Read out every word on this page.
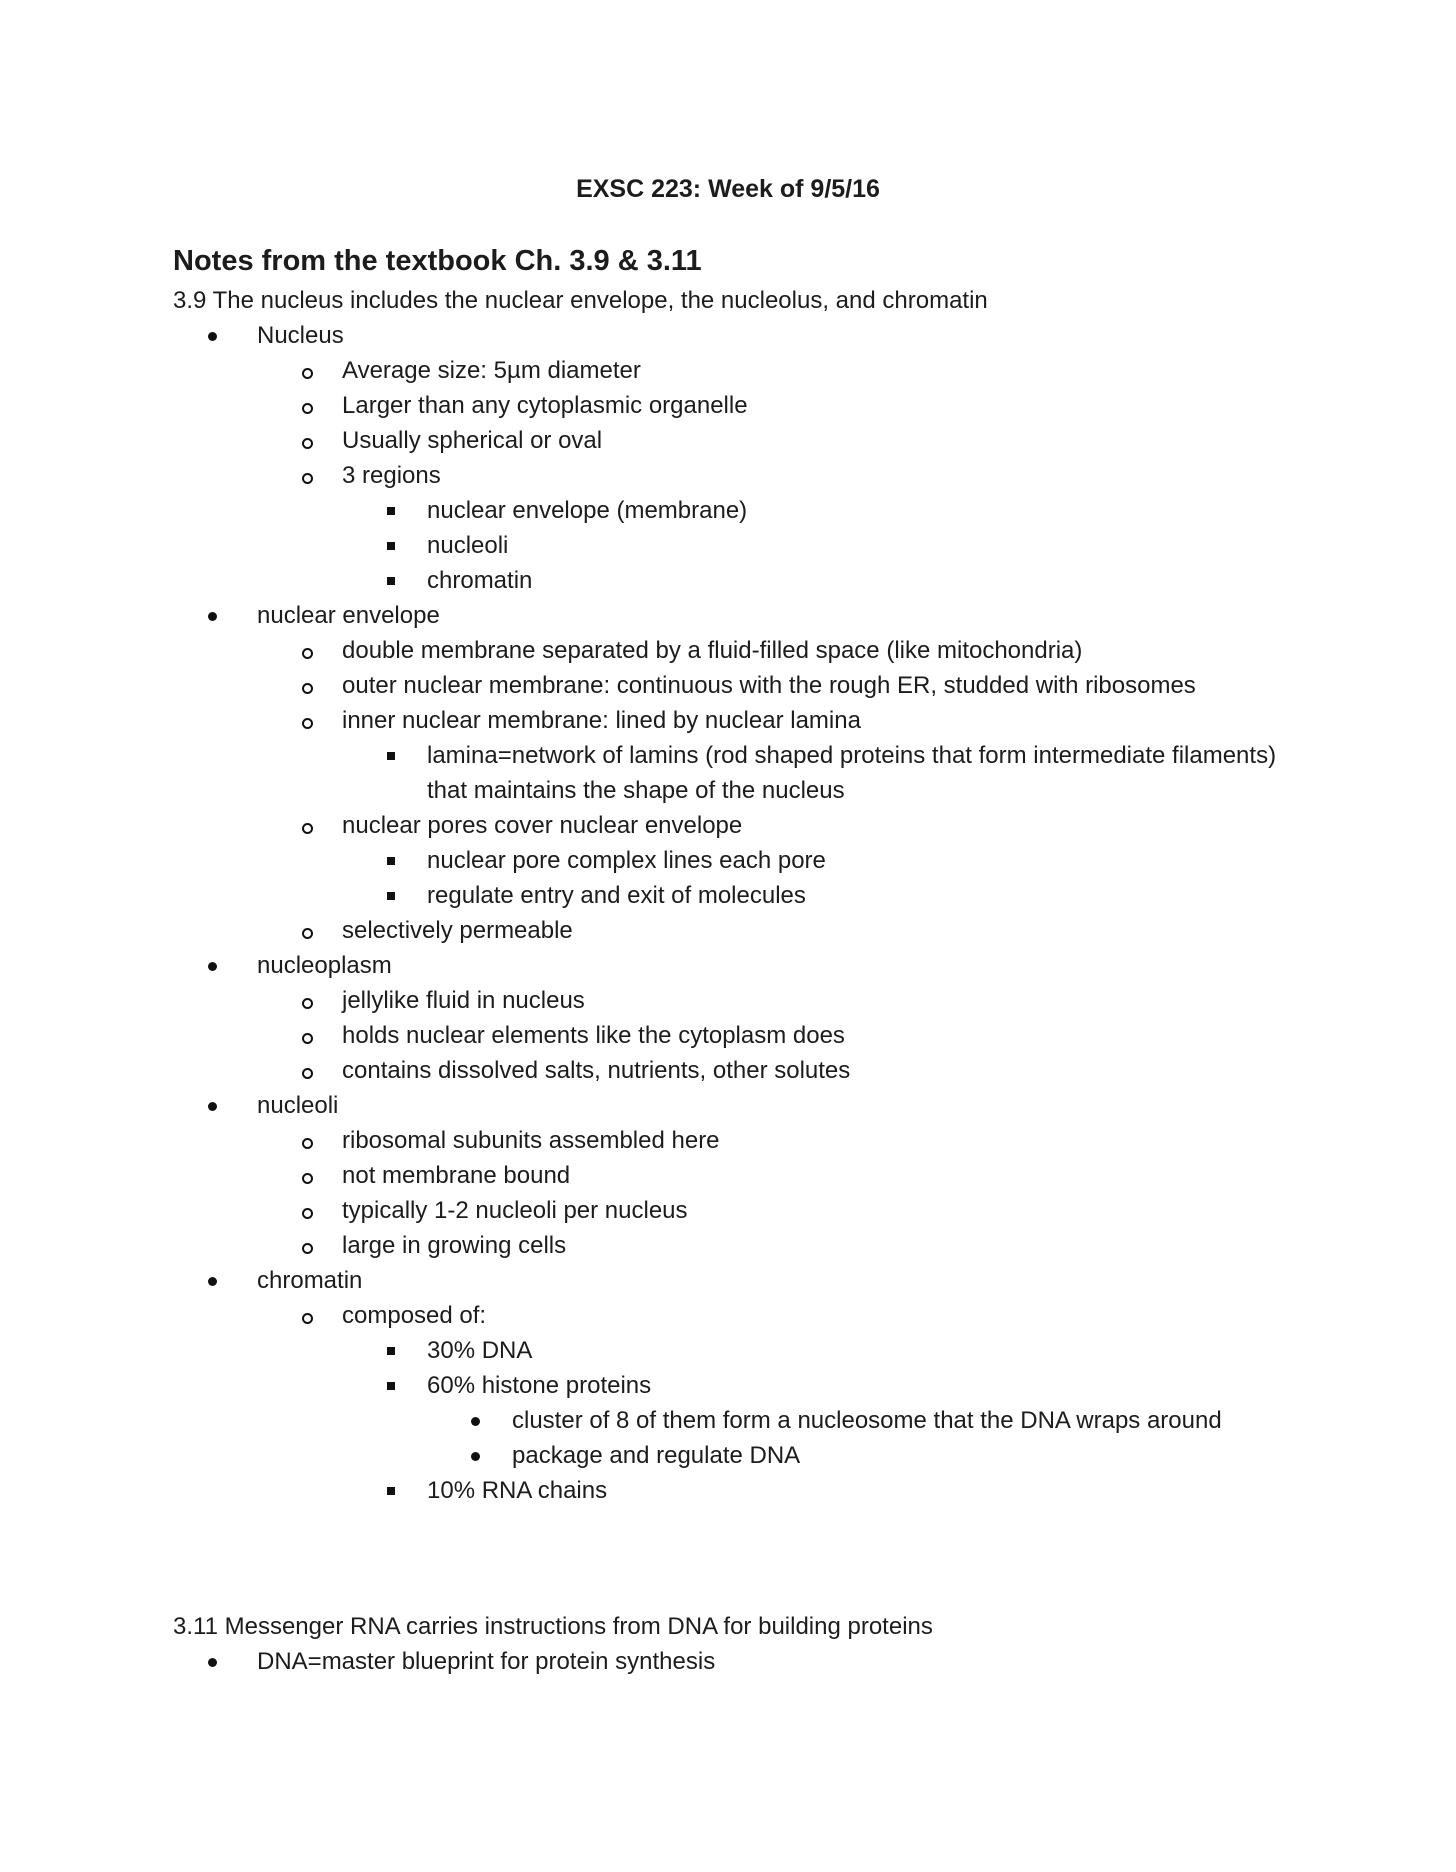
EXSC 223: Week of 9/5/16
Notes from the textbook Ch. 3.9 & 3.11

3.9 The nucleus includes the nuclear envelope, the nucleolus, and chromatin

Nucleus
Average size: 5µm diameter
Larger than any cytoplasmic organelle
Usually spherical or oval
3 regions
nuclear envelope (membrane)
nucleoli
chromatin
nuclear envelope
double membrane separated by a fluid-filled space (like mitochondria)
outer nuclear membrane: continuous with the rough ER, studded with ribosomes
inner nuclear membrane: lined by nuclear lamina
lamina=network of lamins (rod shaped proteins that form intermediate filaments) that maintains the shape of the nucleus
nuclear pores cover nuclear envelope
nuclear pore complex lines each pore
regulate entry and exit of molecules
selectively permeable
nucleoplasm
jellylike fluid in nucleus
holds nuclear elements like the cytoplasm does
contains dissolved salts, nutrients, other solutes
nucleoli
ribosomal subunits assembled here
not membrane bound
typically 1-2 nucleoli per nucleus
large in growing cells
chromatin
composed of:
30% DNA
60% histone proteins
cluster of 8 of them form a nucleosome that the DNA wraps around
package and regulate DNA
10% RNA chains

3.11 Messenger RNA carries instructions from DNA for building proteins

DNA=master blueprint for protein synthesis
